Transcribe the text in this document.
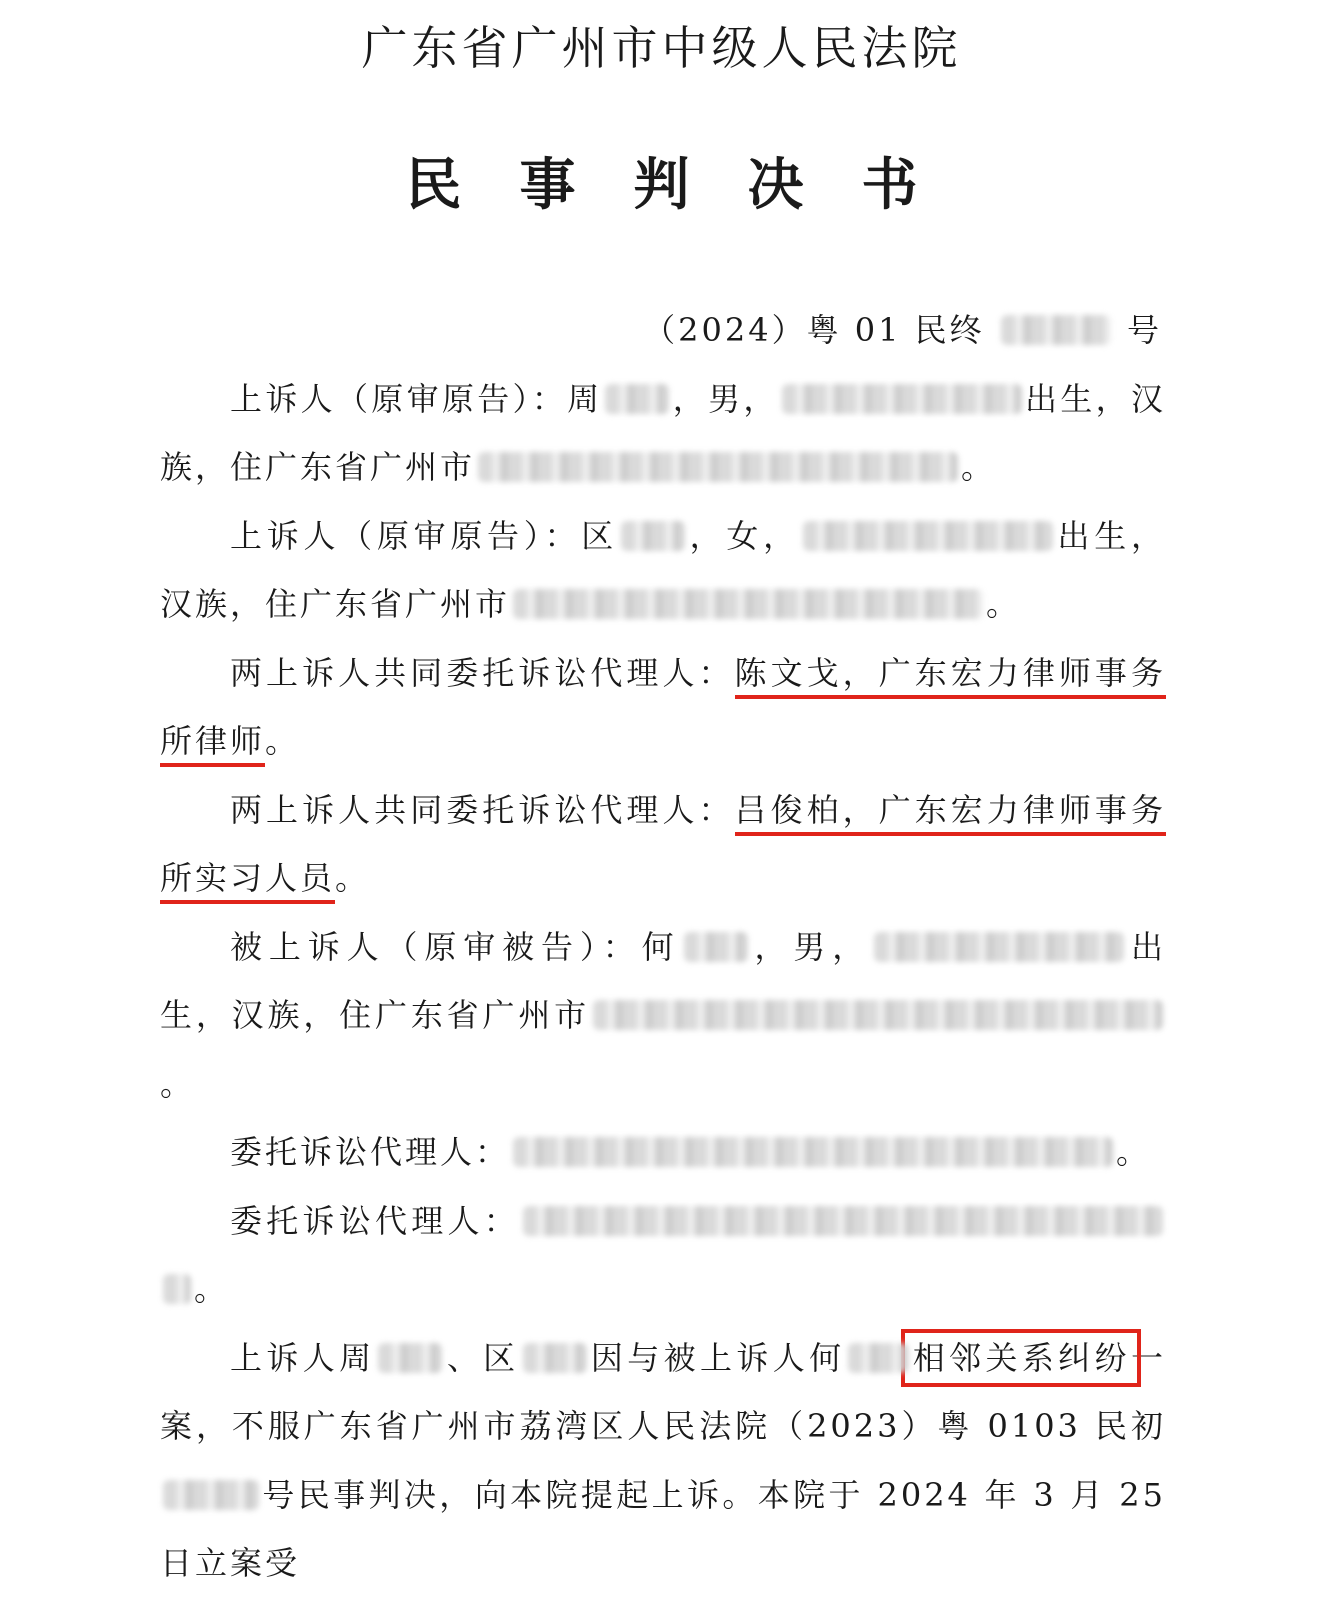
广东省广州市中级人民法院
民事判决书
（2024）粤 01 民终	号

上诉人（原审原告）：周 ，男，	出生，汉族，住广东省广州市	。

上诉人（原审原告）：区 ，女，	出生，汉族，住广东省广州市	。

两上诉人共同委托诉讼代理人：陈文戈，广东宏力律师事务所律师。

两上诉人共同委托诉讼代理人：吕俊柏，广东宏力律师事务所实习人员。

被上诉人（原审被告）：何 ，男，	出生，汉族，住广东省广州市。

委托诉讼代理人：	。

委托诉讼代理人：。

上诉人周 、区 因与被上诉人何 相邻关系纠纷一案，不服广东省广州市荔湾区人民法院（2023）粤 0103 民初号民事判决，向本院提起上诉。本院于 2024 年 3 月 25 日立案受
